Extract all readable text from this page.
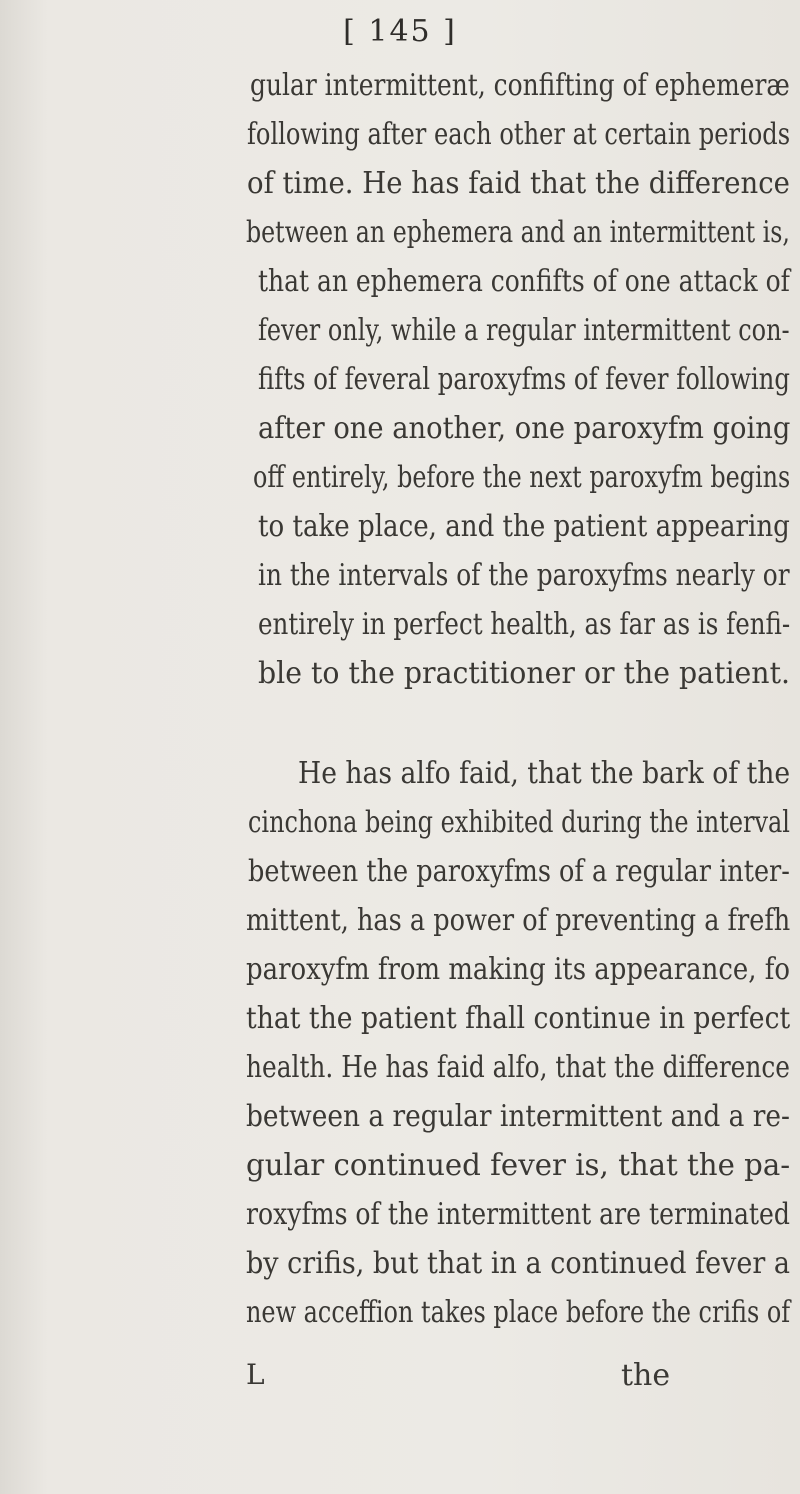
[ 145 ]
gular intermittent, confifting of ephemeræ
following after each other at certain periods
of time. He has faid that the difference
between an ephemera and an intermittent is,
that an ephemera confifts of one attack of
fever only, while a regular intermittent con-
fifts of feveral paroxyfms of fever following
after one another, one paroxyfm going
off entirely, before the next paroxyfm begins
to take place, and the patient appearing
in the intervals of the paroxyfms nearly or
entirely in perfect health, as far as is fenfi-
ble to the practitioner or the patient.
He has alfo faid, that the bark of the
cinchona being exhibited during the interval
between the paroxyfms of a regular inter-
mittent, has a power of preventing a frefh
paroxyfm from making its appearance, fo
that the patient fhall continue in perfect
health. He has faid alfo, that the difference
between a regular intermittent and a re-
gular continued fever is, that the pa-
roxyfms of the intermittent are terminated
by crifis, but that in a continued fever a
new acceffion takes place before the crifis of
L	the
